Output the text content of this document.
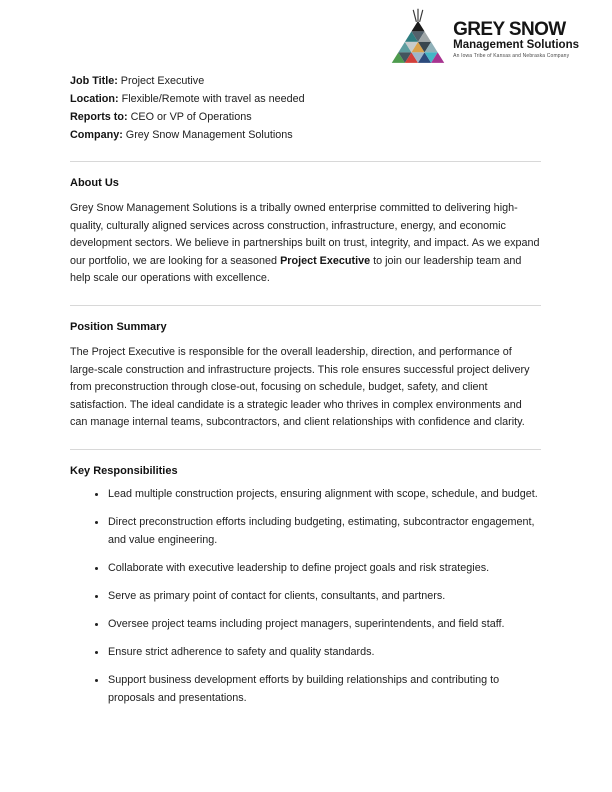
GREY SNOW
Management Solutions
An Iowa Tribe of Kansas and Nebraska Company

Job Title: Project Executive

Location: Flexible/Remote with travel as needed

Reports to: CEO or VP of Operations

Company: Grey Snow Management Solutions

About Us

Grey Snow Management Solutions is a tribally owned enterprise committed to delivering high-quality, culturally aligned services across construction, infrastructure, energy, and economic development sectors. We believe in partnerships built on trust, integrity, and impact. As we expand our portfolio, we are looking for a seasoned Project Executive to join our leadership team and help scale our operations with excellence.

Position Summary

The Project Executive is responsible for the overall leadership, direction, and performance of large-scale construction and infrastructure projects. This role ensures successful project delivery from preconstruction through close-out, focusing on schedule, budget, safety, and client satisfaction. The ideal candidate is a strategic leader who thrives in complex environments and can manage internal teams, subcontractors, and client relationships with confidence and clarity.

Key Responsibilities
• Lead multiple construction projects, ensuring alignment with scope, schedule, and budget.
• Direct preconstruction efforts including budgeting, estimating, subcontractor engagement, and value engineering.
• Collaborate with executive leadership to define project goals and risk strategies.
• Serve as primary point of contact for clients, consultants, and partners.
• Oversee project teams including project managers, superintendents, and field staff.
• Ensure strict adherence to safety and quality standards.
• Support business development efforts by building relationships and contributing to proposals and presentations.
